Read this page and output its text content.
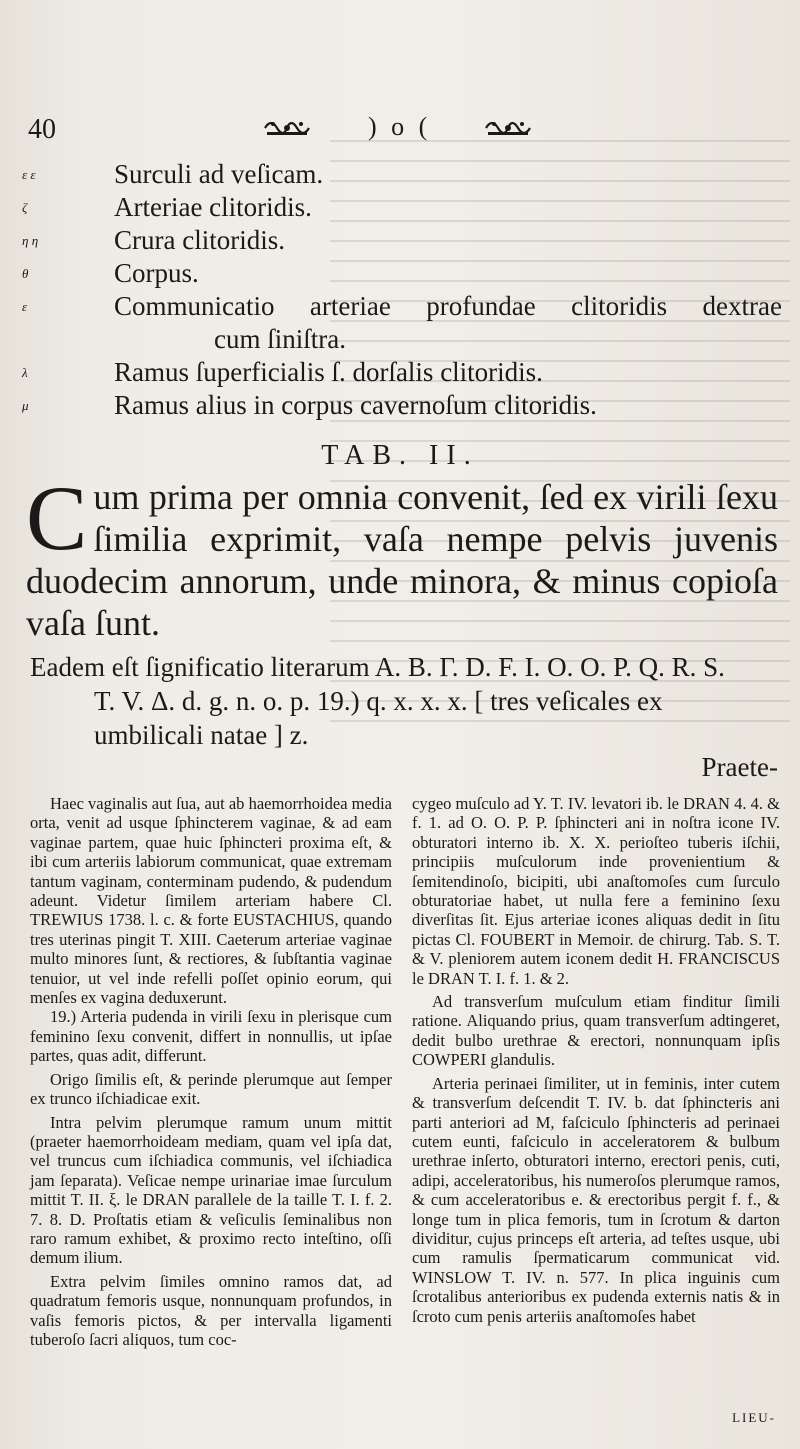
40	) o (
ε ε	Surculi ad veſicam.
ζ	Arteriae clitoridis.
η η	Crura clitoridis.
θ	Corpus.
ɛ	Communicatio arteriae profundae clitoridis dextrae
cum ſiniſtra.
λ	Ramus ſuperficialis ſ. dorſalis clitoridis.
μ	Ramus alius in corpus cavernoſum clitoridis.
TAB. II.
C um prima per omnia convenit, ſed ex virili ſexu ſimilia exprimit, vaſa nempe pelvis juvenis duodecim annorum, unde minora, & minus copioſa vaſa ſunt.
Eadem eſt ſignificatio literarum A. B. Γ. D. F. I. O. O. P. Q. R. S.
T. V. Δ. d. g. n. o. p. 19.) q. x. x. x. [ tres veſicales ex
umbilicali natae ] z.
Praete-

Haec vaginalis aut ſua, aut ab haemorrhoidea media orta, venit ad usque ſphincterem vaginae, & ad eam vaginae partem, quae huic ſphincteri proxima eſt, & ibi cum arteriis labiorum communicat, quae extremam tantum vaginam, conterminam pudendo, & pudendum adeunt. Videtur ſimilem arteriam habere Cl. TREWIUS 1738. l. c. & forte EUSTACHIUS, quando tres uterinas pingit T. XIII. Caeterum arteriae vaginae multo minores ſunt, & rectiores, & ſubſtantia vaginae tenuior, ut vel inde refelli poſſet opinio eorum, qui menſes ex vagina deduxerunt.

19.) Arteria pudenda in virili ſexu in plerisque cum feminino ſexu convenit, differt in nonnullis, ut ipſae partes, quas adit, differunt.

Origo ſimilis eſt, & perinde plerumque aut ſemper ex trunco iſchiadicae exit.

Intra pelvim plerumque ramum unum mittit (praeter haemorrhoideam mediam, quam vel ipſa dat, vel truncus cum iſchiadica communis, vel iſchiadica jam ſeparata). Veſicae nempe urinariae imae ſurculum mittit T. II. ξ. le DRAN parallele de la taille T. I. f. 2. 7. 8. D. Proſtatis etiam & veſiculis ſeminalibus non raro ramum exhibet, & proximo recto inteſtino, oſſi demum ilium.

Extra pelvim ſimiles omnino ramos dat, ad quadratum femoris usque, nonnunquam profundos, in vaſis femoris pictos, & per intervalla ligamenti tuberoſo ſacri aliquos, tum coc-

cygeo muſculo ad Y. T. IV. levatori ib. le DRAN 4. 4. & f. 1. ad O. O. P. P. ſphincteri ani in noſtra icone IV. obturatori interno ib. X. X. perioſteo tuberis iſchii, principiis muſculorum inde provenientium & ſemitendinoſo, bicipiti, ubi anaſtomoſes cum ſurculo obturatoriae habet, ut nulla fere a feminino ſexu diverſitas ſit. Ejus arteriae icones aliquas dedit in ſitu pictas Cl. FOUBERT in Memoir. de chirurg. Tab. S. T. & V. pleniorem autem iconem dedit H. FRANCISCUS le DRAN T. I. f. 1. & 2.

Ad transverſum muſculum etiam finditur ſimili ratione. Aliquando prius, quam transverſum adtingeret, dedit bulbo urethrae & erectori, nonnunquam ipſis COWPERI glandulis.

Arteria perinaei ſimiliter, ut in feminis, inter cutem & transverſum deſcendit T. IV. b. dat ſphincteris ani parti anteriori ad M, faſciculo ſphincteris ad perinaei cutem eunti, faſciculo in acceleratorem & bulbum urethrae inſerto, obturatori interno, erectori penis, cuti, adipi, acceleratoribus, his numeroſos plerumque ramos, & cum acceleratoribus e. & erectoribus pergit f. f., & longe tum in plica femoris, tum in ſcrotum & darton dividitur, cujus princeps eſt arteria, ad teſtes usque, ubi cum ramulis ſpermaticarum communicat vid. WINSLOW T. IV. n. 577. In plica inguinis cum ſcrotalibus anterioribus ex pudenda externis natis & in ſcroto cum penis arteriis anaſtomoſes habet

LIEU-
